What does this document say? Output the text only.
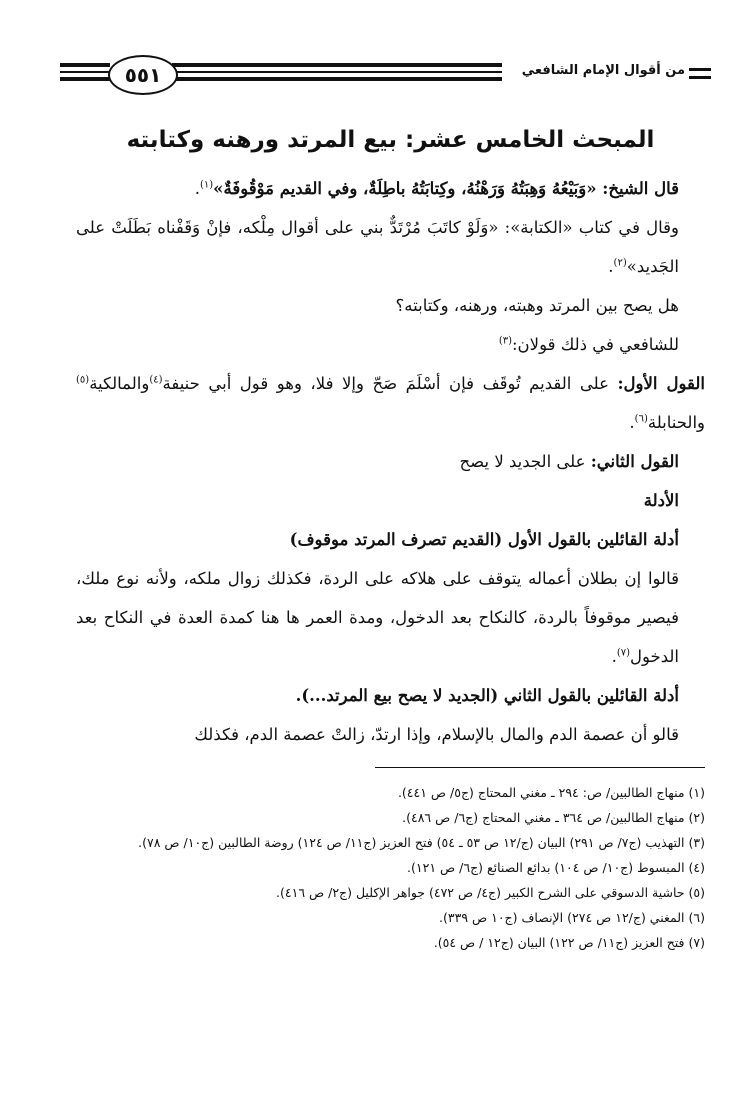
٥٥١	من أقوال الإمام الشافعي
المبحث الخامس عشر: بيع المرتد ورهنه وكتابته

قال الشيخ: «وَبَيْعُهُ وَهِبَتُهُ وَرَهْنُهُ، وكِتابَتُهُ باطِلَةٌ، وفي القديم مَوْقُوفَةٌ»$^{(١)}$.

وقال في كتاب «الكتابة»: «وَلَوْ كاتَبَ مُرْتَدٌّ بني على أقوال مِلْكه، فإنْ وَقَفْناه بَطَلَتْ على الجَديد»$^{(٢)}$.

هل يصح بين المرتد وهبته، ورهنه، وكتابته؟

للشافعي في ذلك قولان:$^{(٣)}$

القول الأول: على القديم تُوقَف فإن أسْلَمَ صَحّ وإلا فلا، وهو قول أبي حنيفة$^{(٤)}$والمالكية$^{(٥)}$ والحنابلة$^{(٦)}$.

القول الثاني: على الجديد لا يصح

الأدلة

أدلة القائلين بالقول الأول (القديم تصرف المرتد موقوف)

قالوا إن بطلان أعماله يتوقف على هلاكه على الردة، فكذلك زوال ملكه، ولأنه نوع ملك، فيصير موقوفاً بالردة، كالنكاح بعد الدخول، ومدة العمر ها هنا كمدة العدة في النكاح بعد الدخول$^{(٧)}$.

أدلة القائلين بالقول الثاني (الجديد لا يصح بيع المرتد...).

قالو أن عصمة الدم والمال بالإسلام، وإذا ارتدّ، زالتْ عصمة الدم، فكذلك

(١) منهاج الطالبين/ ص: ٢٩٤ ـ مغني المحتاج (ج٥/ ص ٤٤١).

(٢) منهاج الطالبين/ ص ٣٦٤ ـ مغني المحتاج (ج٦/ ص ٤٨٦).

(٣) التهذيب (ج٧/ ص ٢٩١) البيان (ج/١٢ ص ٥٣ ـ ٥٤) فتح العزيز (ج١١/ ص ١٢٤) روضة الطالبين (ج١٠/ ص ٧٨).

(٤) المبسوط (ج١٠/ ص ١٠٤) بدائع الصنائع (ج٦/ ص ١٢١).

(٥) حاشية الدسوقي على الشرح الكبير (ج٤/ ص ٤٧٢) جواهر الإكليل (ج٢/ ص ٤١٦).

(٦) المغني (ج/١٢ ص ٢٧٤) الإنصاف (ج١٠ ص ٣٣٩).

(٧) فتح العزيز (ج١١/ ص ١٢٢) البيان (ج١٢ / ص ٥٤).
